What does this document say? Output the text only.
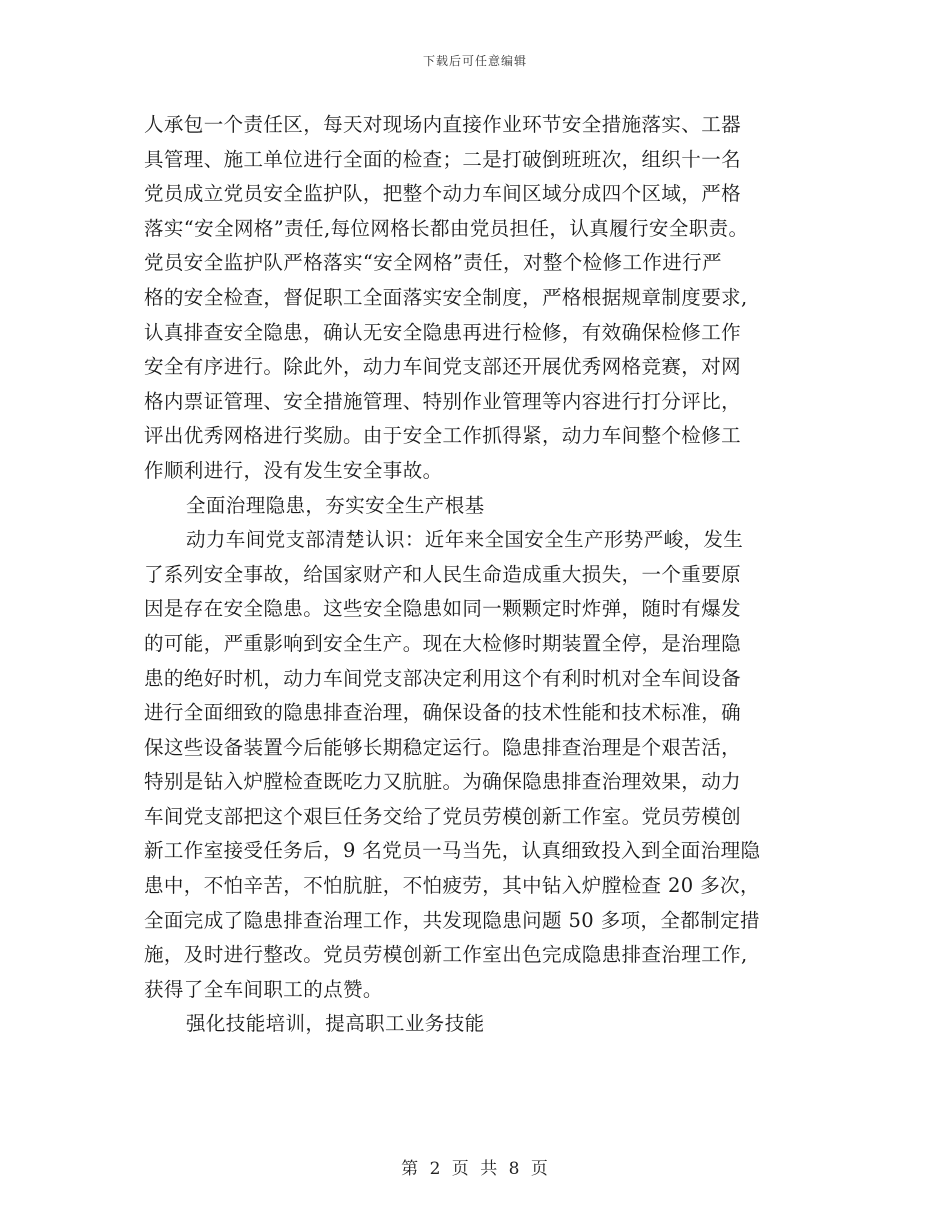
下载后可任意编辑
人承包一个责任区，每天对现场内直接作业环节安全措施落实、工器
具管理、施工单位进行全面的检查；二是打破倒班班次，组织十一名
党员成立党员安全监护队，把整个动力车间区域分成四个区域，严格
落实“安全网格”责任,每位网格长都由党员担任，认真履行安全职责。
党员安全监护队严格落实“安全网格”责任，对整个检修工作进行严
格的安全检查，督促职工全面落实安全制度，严格根据规章制度要求,
认真排查安全隐患，确认无安全隐患再进行检修，有效确保检修工作
安全有序进行。除此外，动力车间党支部还开展优秀网格竞赛，对网
格内票证管理、安全措施管理、特别作业管理等内容进行打分评比，
评出优秀网格进行奖励。由于安全工作抓得紧，动力车间整个检修工
作顺利进行，没有发生安全事故。
全面治理隐患，夯实安全生产根基
动力车间党支部清楚认识：近年来全国安全生产形势严峻，发生
了系列安全事故，给国家财产和人民生命造成重大损失，一个重要原
因是存在安全隐患。这些安全隐患如同一颗颗定时炸弹，随时有爆发
的可能，严重影响到安全生产。现在大检修时期装置全停，是治理隐
患的绝好时机，动力车间党支部决定利用这个有利时机对全车间设备
进行全面细致的隐患排查治理，确保设备的技术性能和技术标准，确
保这些设备装置今后能够长期稳定运行。隐患排查治理是个艰苦活，
特别是钻入炉膛检查既吃力又肮脏。为确保隐患排查治理效果，动力
车间党支部把这个艰巨任务交给了党员劳模创新工作室。党员劳模创
新工作室接受任务后，9 名党员一马当先，认真细致投入到全面治理隐
患中，不怕辛苦，不怕肮脏，不怕疲劳，其中钻入炉膛检查 20 多次，
全面完成了隐患排查治理工作，共发现隐患问题 50 多项，全都制定措
施，及时进行整改。党员劳模创新工作室出色完成隐患排查治理工作,
获得了全车间职工的点赞。
强化技能培训，提高职工业务技能
第 2 页 共 8 页
